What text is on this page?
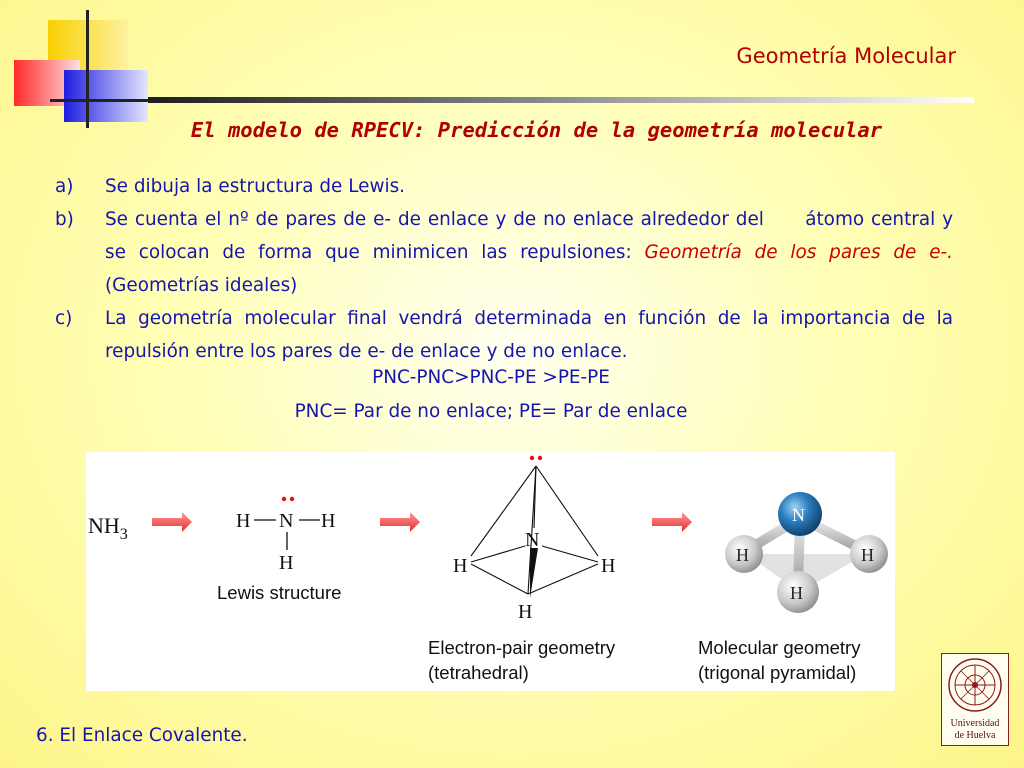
Geometría Molecular
El modelo de RPECV: Predicción de la geometría molecular
a)	Se dibuja la estructura de Lewis.
b)	Se cuenta el nº de pares de e- de enlace y de no enlace alrededor del      átomo central y se colocan de forma que minimicen las repulsiones: Geometría de los pares de e-. (Geometrías ideales)
c)	La geometría molecular final vendrá determinada en función de la importancia de la repulsión entre los pares de e- de enlace y de no enlace.
PNC-PNC>PNC-PE >PE-PE
PNC= Par de no enlace; PE= Par de enlace
$NH_3$
H N H
H
Lewis structure
N
H	H
H
Electron-pair geometry
(tetrahedral)
N
H	H
H
Molecular geometry
(trigonal pyramidal)
6. El Enlace Covalente.
Universidad
de Huelva
